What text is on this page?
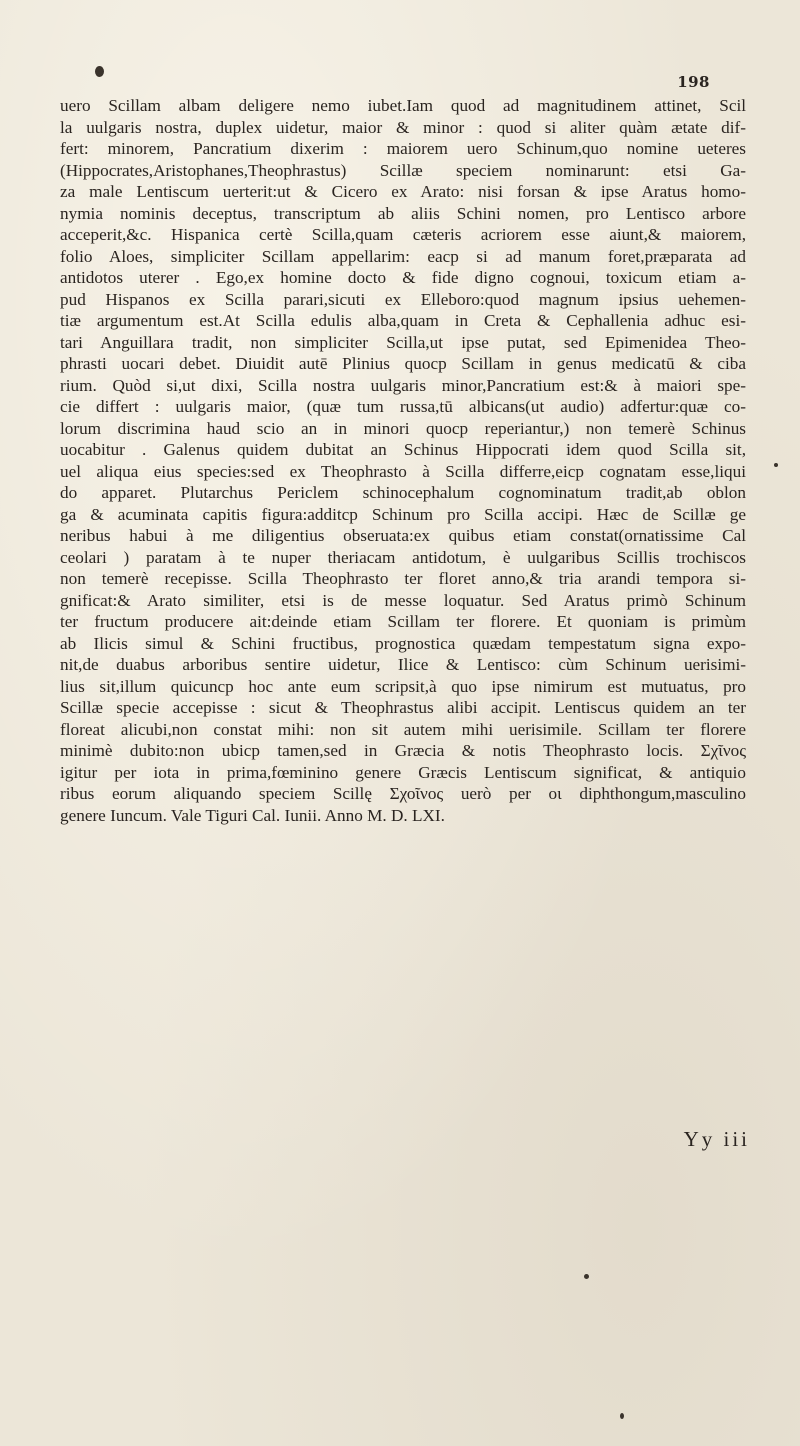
198
uero Scillam albam deligere nemo iubet.Iam quod ad magnitudinem attinet, Scil
la uulgaris nostra, duplex uidetur, maior & minor : quod si aliter quàm ætate dif-
fert: minorem, Pancratium dixerim : maiorem uero Schinum,quo nomine ueteres
(Hippocrates,Aristophanes,Theophrastus) Scillæ speciem nominarunt: etsi Ga-
za male Lentiscum uerterit:ut & Cicero ex Arato: nisi forsan & ipse Aratus homo-
nymia nominis deceptus, transcriptum ab aliis Schini nomen, pro Lentisco arbore
acceperit,&c. Hispanica certè Scilla,quam cæteris acriorem esse aiunt,& maiorem,
folio Aloes, simpliciter Scillam appellarim: eacp si ad manum foret,præparata ad
antidotos uterer . Ego,ex homine docto & fide digno cognoui, toxicum etiam a-
pud Hispanos ex Scilla parari,sicuti ex Elleboro:quod magnum ipsius uehemen-
tiæ argumentum est.At Scilla edulis alba,quam in Creta & Cephallenia adhuc esi-
tari Anguillara tradit, non simpliciter Scilla,ut ipse putat, sed Epimenidea Theo-
phrasti uocari debet. Diuidit autē Plinius quocp Scillam in genus medicatū & ciba
rium. Quòd si,ut dixi, Scilla nostra uulgaris minor,Pancratium est:& à maiori spe-
cie differt : uulgaris maior, (quæ tum russa,tū albicans(ut audio) adfertur:quæ co-
lorum discrimina haud scio an in minori quocp reperiantur,) non temerè Schinus
uocabitur . Galenus quidem dubitat an Schinus Hippocrati idem quod Scilla sit,
uel aliqua eius species:sed ex Theophrasto à Scilla differre,eicp cognatam esse,liqui
do apparet. Plutarchus Periclem schinocephalum cognominatum tradit,ab oblon
ga & acuminata capitis figura:additcp Schinum pro Scilla accipi. Hæc de Scillæ ge
neribus habui à me diligentius obseruata:ex quibus etiam constat(ornatissime Cal
ceolari ) paratam à te nuper theriacam antidotum, è uulgaribus Scillis trochiscos
non temerè recepisse. Scilla Theophrasto ter floret anno,& tria arandi tempora si-
gnificat:& Arato similiter, etsi is de messe loquatur. Sed Aratus primò Schinum
ter fructum producere ait:deinde etiam Scillam ter florere. Et quoniam is primùm
ab Ilicis simul & Schini fructibus, prognostica quædam tempestatum signa expo-
nit,de duabus arboribus sentire uidetur, Ilice & Lentisco: cùm Schinum uerisimi-
lius sit,illum quicuncp hoc ante eum scripsit,à quo ipse nimirum est mutuatus, pro
Scillæ specie accepisse : sicut & Theophrastus alibi accipit. Lentiscus quidem an ter
floreat alicubi,non constat mihi: non sit autem mihi uerisimile. Scillam ter florere
minimè dubito:non ubicp tamen,sed in Græcia & notis Theophrasto locis. Σχῖνος
igitur per iota in prima,fœminino genere Græcis Lentiscum significat, & antiquio
ribus eorum aliquando speciem Scillę Σχοῖνος uerò per οι diphthongum,masculino
genere Iuncum. Vale Tiguri Cal. Iunii. Anno M. D. LXI.
Yy iii
